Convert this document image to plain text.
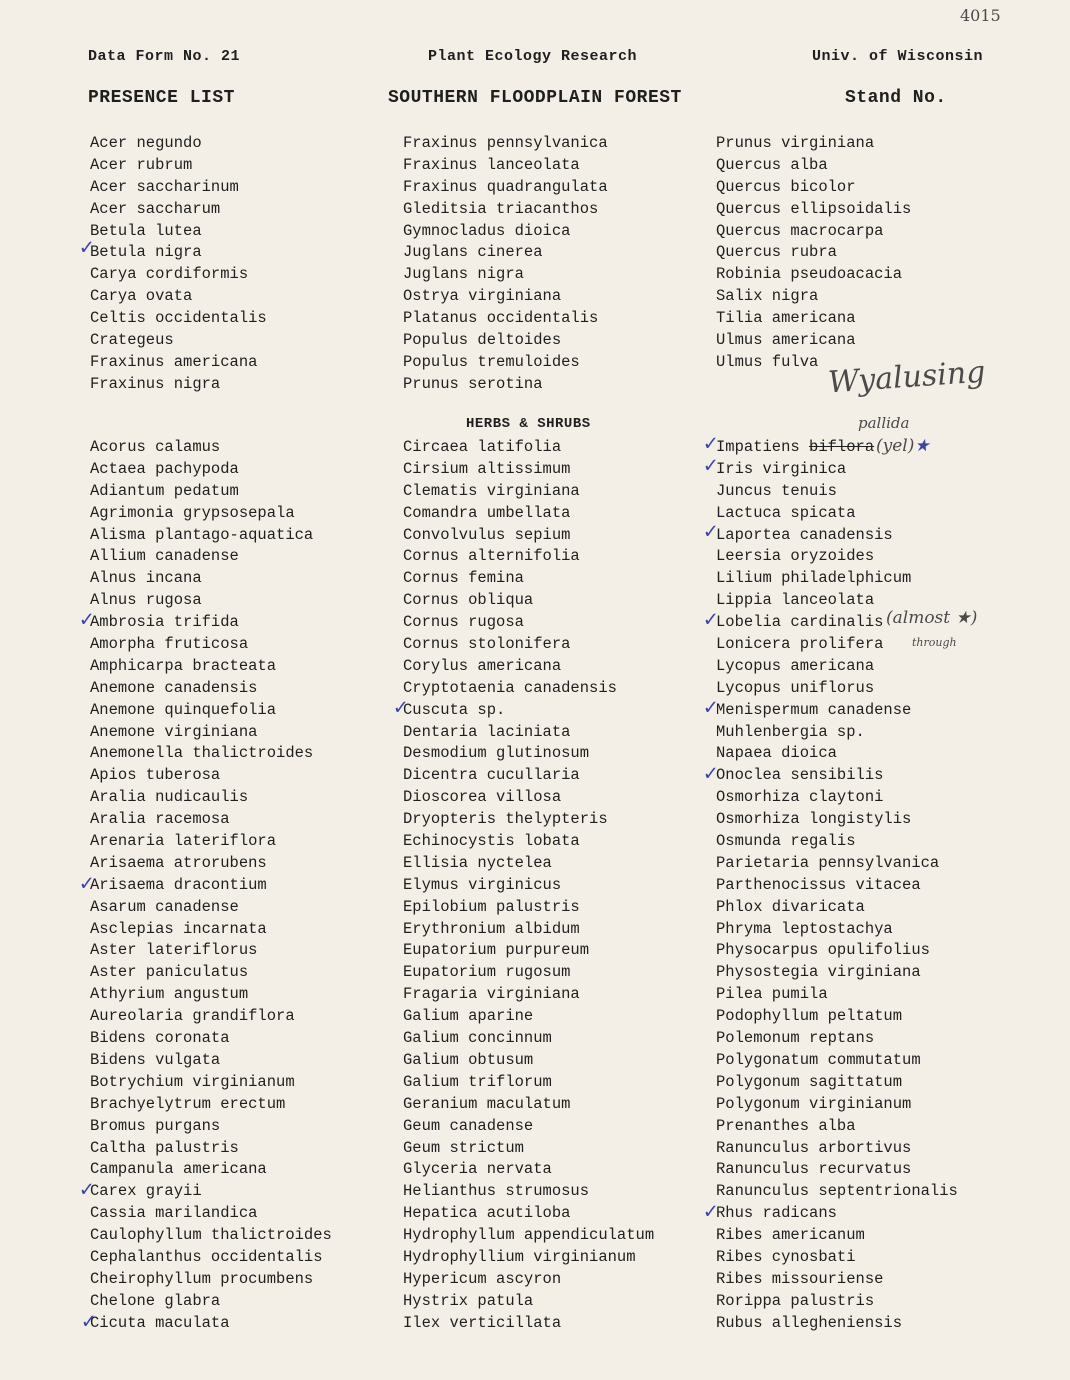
4015
Data Form No. 21	Plant Ecology Research	Univ. of Wisconsin
PRESENCE LIST	SOUTHERN FLOODPLAIN FOREST	Stand No.
Acer negundo
Acer rubrum
Acer saccharinum
Acer saccharum
Betula lutea
Betula nigra
Carya cordiformis
Carya ovata
Celtis occidentalis
Crategeus
Fraxinus americana
Fraxinus nigra
Fraxinus pennsylvanica
Fraxinus lanceolata
Fraxinus quadrangulata
Gleditsia triacanthos
Gymnocladus dioica
Juglans cinerea
Juglans nigra
Ostrya virginiana
Platanus occidentalis
Populus deltoides
Populus tremuloides
Prunus serotina
Prunus virginiana
Quercus alba
Quercus bicolor
Quercus ellipsoidalis
Quercus macrocarpa
Quercus rubra
Robinia pseudoacacia
Salix nigra
Tilia americana
Ulmus americana
Ulmus fulva Wyalusing
HERBS & SHRUBS
Acorus calamus
Actaea pachypoda
Adiantum pedatum
Agrimonia grypsosepala
Alisma plantago-aquatica
Allium canadense
Alnus incana
Alnus rugosa
Ambrosia trifida
Amorpha fruticosa
Amphicarpa bracteata
Anemone canadensis
Anemone quinquefolia
Anemone virginiana
Anemonella thalictroides
Apios tuberosa
Aralia nudicaulis
Aralia racemosa
Arenaria lateriflora
Arisaema atrorubens
Arisaema dracontium
Asarum canadense
Asclepias incarnata
Aster lateriflorus
Aster paniculatus
Athyrium angustum
Aureolaria grandiflora
Bidens coronata
Bidens vulgata
Botrychium virginianum
Brachyelytrum erectum
Bromus purgans
Caltha palustris
Campanula americana
Carex grayii
Cassia marilandica
Caulophyllum thalictroides
Cephalanthus occidentalis
Cheirophyllum procumbens
Chelone glabra
Cicuta maculata
Circaea latifolia
Cirsium altissimum
Clematis virginiana
Comandra umbellata
Convolvulus sepium
Cornus alternifolia
Cornus femina
Cornus obliqua
Cornus rugosa
Cornus stolonifera
Corylus americana
Cryptotaenia canadensis
Cuscuta sp.
Dentaria laciniata
Desmodium glutinosum
Dicentra cucullaria
Dioscorea villosa
Dryopteris thelypteris
Echinocystis lobata
Ellisia nyctelea
Elymus virginicus
Epilobium palustris
Erythronium albidum
Eupatorium purpureum
Eupatorium rugosum
Fragaria virginiana
Galium aparine
Galium concinnum
Galium obtusum
Galium triflorum
Geranium maculatum
Geum canadense
Geum strictum
Glyceria nervata
Helianthus strumosus
Hepatica acutiloba
Hydrophyllum appendiculatum
Hydrophyllium virginianum
Hypericum ascyron
Hystrix patula
Ilex verticillata
Impatiens biflora
Iris virginica
Juncus tenuis
Lactuca spicata
Laportea canadensis
Leersia oryzoides
Lilium philadelphicum
Lippia lanceolata
Lobelia cardinalis
Lonicera prolifera
Lycopus americana
Lycopus uniflorus
Menispermum canadense
Muhlenbergia sp.
Napaea dioica
Onoclea sensibilis
Osmorhiza claytoni
Osmorhiza longistylis
Osmunda regalis
Parietaria pennsylvanica
Parthenocissus vitacea
Phlox divaricata
Phryma leptostachya
Physocarpus opulifolius
Physostegia virginiana
Pilea pumila
Podophyllum peltatum
Polemonum reptans
Polygonatum commutatum
Polygonum sagittatum
Polygonum virginianum
Prenanthes alba
Ranunculus arbortivus
Ranunculus recurvatus
Ranunculus septentrionalis
Rhus radicans
Ribes americanum
Ribes cynosbati
Ribes missouriense
Rorippa palustris
Rubus allegheniensis
pallida
(yel)★
(almost ★)
through
✓
✓
✓
✓
✓
✓
✓
✓
✓
✓
✓
✓
✓
